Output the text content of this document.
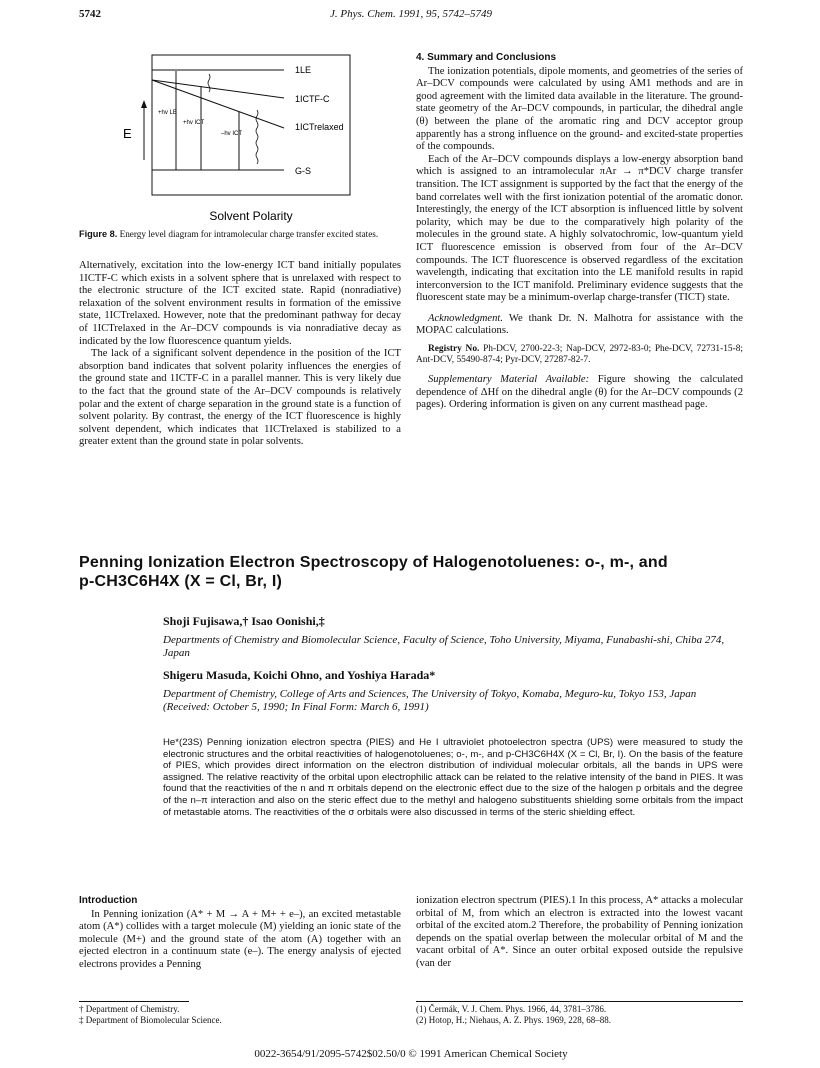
5742	J. Phys. Chem. 1991, 95, 5742–5749
E
1LE
1ICTF-C
1ICTrelaxed
G-S
+hv LE
+hv ICT
–hv ICT
Solvent Polarity
Figure 8. Energy level diagram for intramolecular charge transfer excited states.

Alternatively, excitation into the low-energy ICT band initially populates 1ICTF-C which exists in a solvent sphere that is unrelaxed with respect to the electronic structure of the ICT excited state. Rapid (nonradiative) relaxation of the solvent environment results in formation of the emissive state, 1ICTrelaxed. However, note that the predominant pathway for decay of 1ICTrelaxed in the Ar–DCV compounds is via nonradiative decay as indicated by the low fluorescence quantum yields.

The lack of a significant solvent dependence in the position of the ICT absorption band indicates that solvent polarity influences the energies of the ground state and 1ICTF-C in a parallel manner. This is very likely due to the fact that the ground state of the Ar–DCV compounds is relatively polar and the extent of charge separation in the ground state is a function of solvent polarity. By contrast, the energy of the ICT fluorescence is highly solvent dependent, which indicates that 1ICTrelaxed is stabilized to a greater extent than the ground state in polar solvents.

4. Summary and Conclusions

The ionization potentials, dipole moments, and geometries of the series of Ar–DCV compounds were calculated by using AM1 methods and are in good agreement with the limited data available in the literature. The ground-state geometry of the Ar–DCV compounds, in particular, the dihedral angle (θ) between the plane of the aromatic ring and DCV acceptor group apparently has a strong influence on the ground- and excited-state properties of the compounds.

Each of the Ar–DCV compounds displays a low-energy absorption band which is assigned to an intramolecular πAr → π*DCV charge transfer transition. The ICT assignment is supported by the fact that the energy of the band correlates well with the first ionization potential of the aromatic donor. Interestingly, the energy of the ICT absorption is influenced little by solvent polarity, which may be due to the comparatively high polarity of the molecules in the ground state. A highly solvatochromic, low-quantum yield ICT fluorescence emission is observed from four of the Ar–DCV compounds. The ICT fluorescence is observed regardless of the excitation wavelength, indicating that excitation into the LE manifold results in rapid interconversion to the ICT manifold. Preliminary evidence suggests that the fluorescent state may be a minimum-overlap charge-transfer (TICT) state.

Acknowledgment. We thank Dr. N. Malhotra for assistance with the MOPAC calculations.

Registry No. Ph-DCV, 2700-22-3; Nap-DCV, 2972-83-0; Phe-DCV, 72731-15-8; Ant-DCV, 55490-87-4; Pyr-DCV, 27287-82-7.

Supplementary Material Available: Figure showing the calculated dependence of ΔHf on the dihedral angle (θ) for the Ar–DCV compounds (2 pages). Ordering information is given on any current masthead page.

Penning Ionization Electron Spectroscopy of Halogenotoluenes: o-, m-, and
p-CH3C6H4X (X = Cl, Br, I)
Shoji Fujisawa,† Isao Oonishi,‡
Departments of Chemistry and Biomolecular Science, Faculty of Science, Toho University, Miyama, Funabashi-shi, Chiba 274, Japan
Shigeru Masuda, Koichi Ohno, and Yoshiya Harada*
Department of Chemistry, College of Arts and Sciences, The University of Tokyo, Komaba, Meguro-ku, Tokyo 153, Japan (Received: October 5, 1990; In Final Form: March 6, 1991)
He*(23S) Penning ionization electron spectra (PIES) and He I ultraviolet photoelectron spectra (UPS) were measured to study the electronic structures and the orbital reactivities of halogenotoluenes; o-, m-, and p-CH3C6H4X (X = Cl, Br, I). On the basis of the feature of PIES, which provides direct information on the electron distribution of individual molecular orbitals, all the bands in UPS were assigned. The relative reactivity of the orbital upon electrophilic attack can be related to the relative intensity of the band in PIES. It was found that the reactivities of the n and π orbitals depend on the electronic effect due to the size of the halogen p orbitals and the degree of the n–π interaction and also on the steric effect due to the methyl and halogeno substituents shielding some orbitals from the impact of metastable atoms. The reactivities of the σ orbitals were also discussed in terms of the steric shielding effect.
Introduction

In Penning ionization (A* + M → A + M+ + e–), an excited metastable atom (A*) collides with a target molecule (M) yielding an ionic state of the molecule (M+) and the ground state of the atom (A) together with an ejected electron in a continuum state (e–). The energy analysis of ejected electrons provides a Penning

ionization electron spectrum (PIES).1 In this process, A* attacks a molecular orbital of M, from which an electron is extracted into the lowest vacant orbital of the excited atom.2 Therefore, the probability of Penning ionization depends on the spatial overlap between the molecular orbital of M and the vacant orbital of A*. Since an outer orbital exposed outside the repulsive (van der

† Department of Chemistry.
‡ Department of Biomolecular Science.
(1) Čermák, V. J. Chem. Phys. 1966, 44, 3781–3786.
(2) Hotop, H.; Niehaus, A. Z. Phys. 1969, 228, 68–88.
0022-3654/91/2095-5742$02.50/0 © 1991 American Chemical Society
